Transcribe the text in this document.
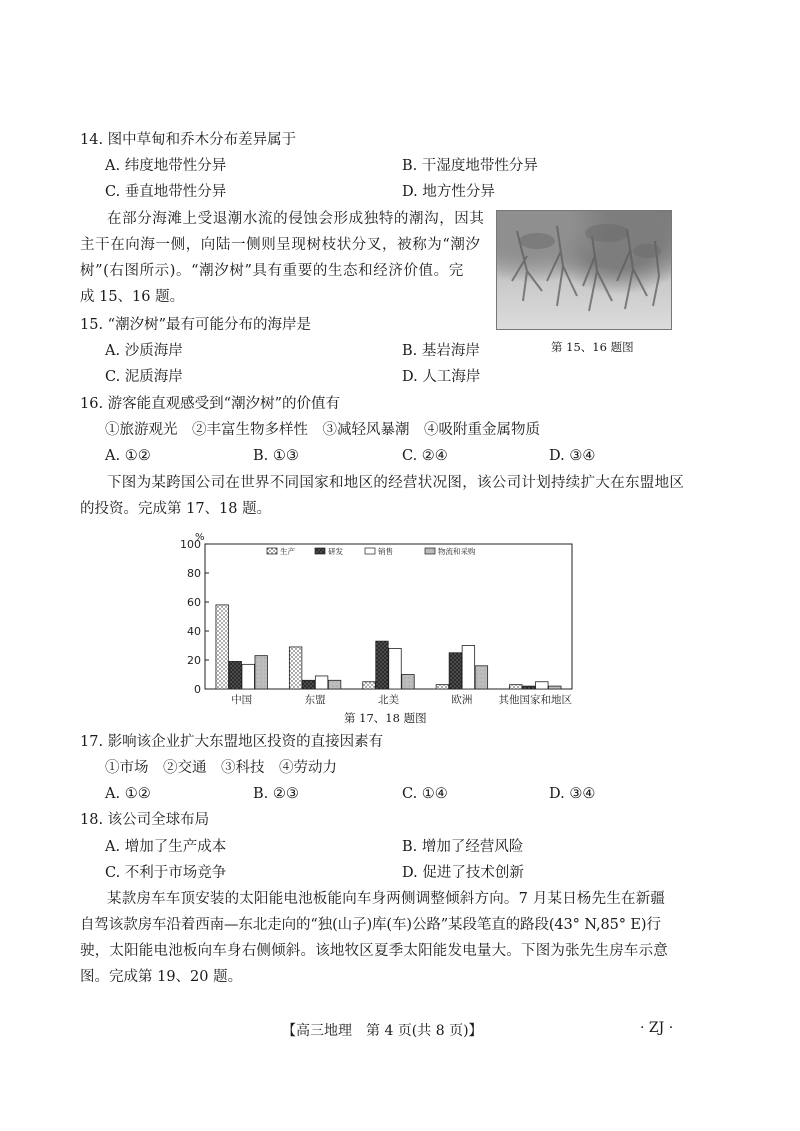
14. 图中草甸和乔木分布差异属于
A. 纬度地带性分异	B. 干湿度地带性分异
C. 垂直地带性分异	D. 地方性分异
在部分海滩上受退潮水流的侵蚀会形成独特的潮沟，因其
主干在向海一侧，向陆一侧则呈现树枝状分叉，被称为“潮汐
树”(右图所示)。“潮汐树”具有重要的生态和经济价值。完
成 15、16 题。
第 15、16 题图
15. “潮汐树”最有可能分布的海岸是
A. 沙质海岸	B. 基岩海岸
C. 泥质海岸	D. 人工海岸
16. 游客能直观感受到“潮汐树”的价值有
①旅游观光　②丰富生物多样性　③减轻风暴潮　④吸附重金属物质
A. ①②	B. ①③	C. ②④	D. ③④
下图为某跨国公司在世界不同国家和地区的经营状况图，该公司计划持续扩大在东盟地区
的投资。完成第 17、18 题。
生产	研发	销售	物流和采购
0
20
40
60
80
100
%
中国	东盟	北美	欧洲 其他国家和地区
第 17、18 题图
17. 影响该企业扩大东盟地区投资的直接因素有
①市场　②交通　③科技　④劳动力
A. ①②	B. ②③	C. ①④	D. ③④
18. 该公司全球布局
A. 增加了生产成本	B. 增加了经营风险
C. 不利于市场竞争	D. 促进了技术创新
某款房车车顶安装的太阳能电池板能向车身两侧调整倾斜方向。7 月某日杨先生在新疆
自驾该款房车沿着西南—东北走向的“独(山子)库(车)公路”某段笔直的路段(43° N,85° E)行
驶，太阳能电池板向车身右侧倾斜。该地牧区夏季太阳能发电量大。下图为张先生房车示意
图。完成第 19、20 题。
【高三地理　第 4 页(共 8 页)】	· ZJ ·
